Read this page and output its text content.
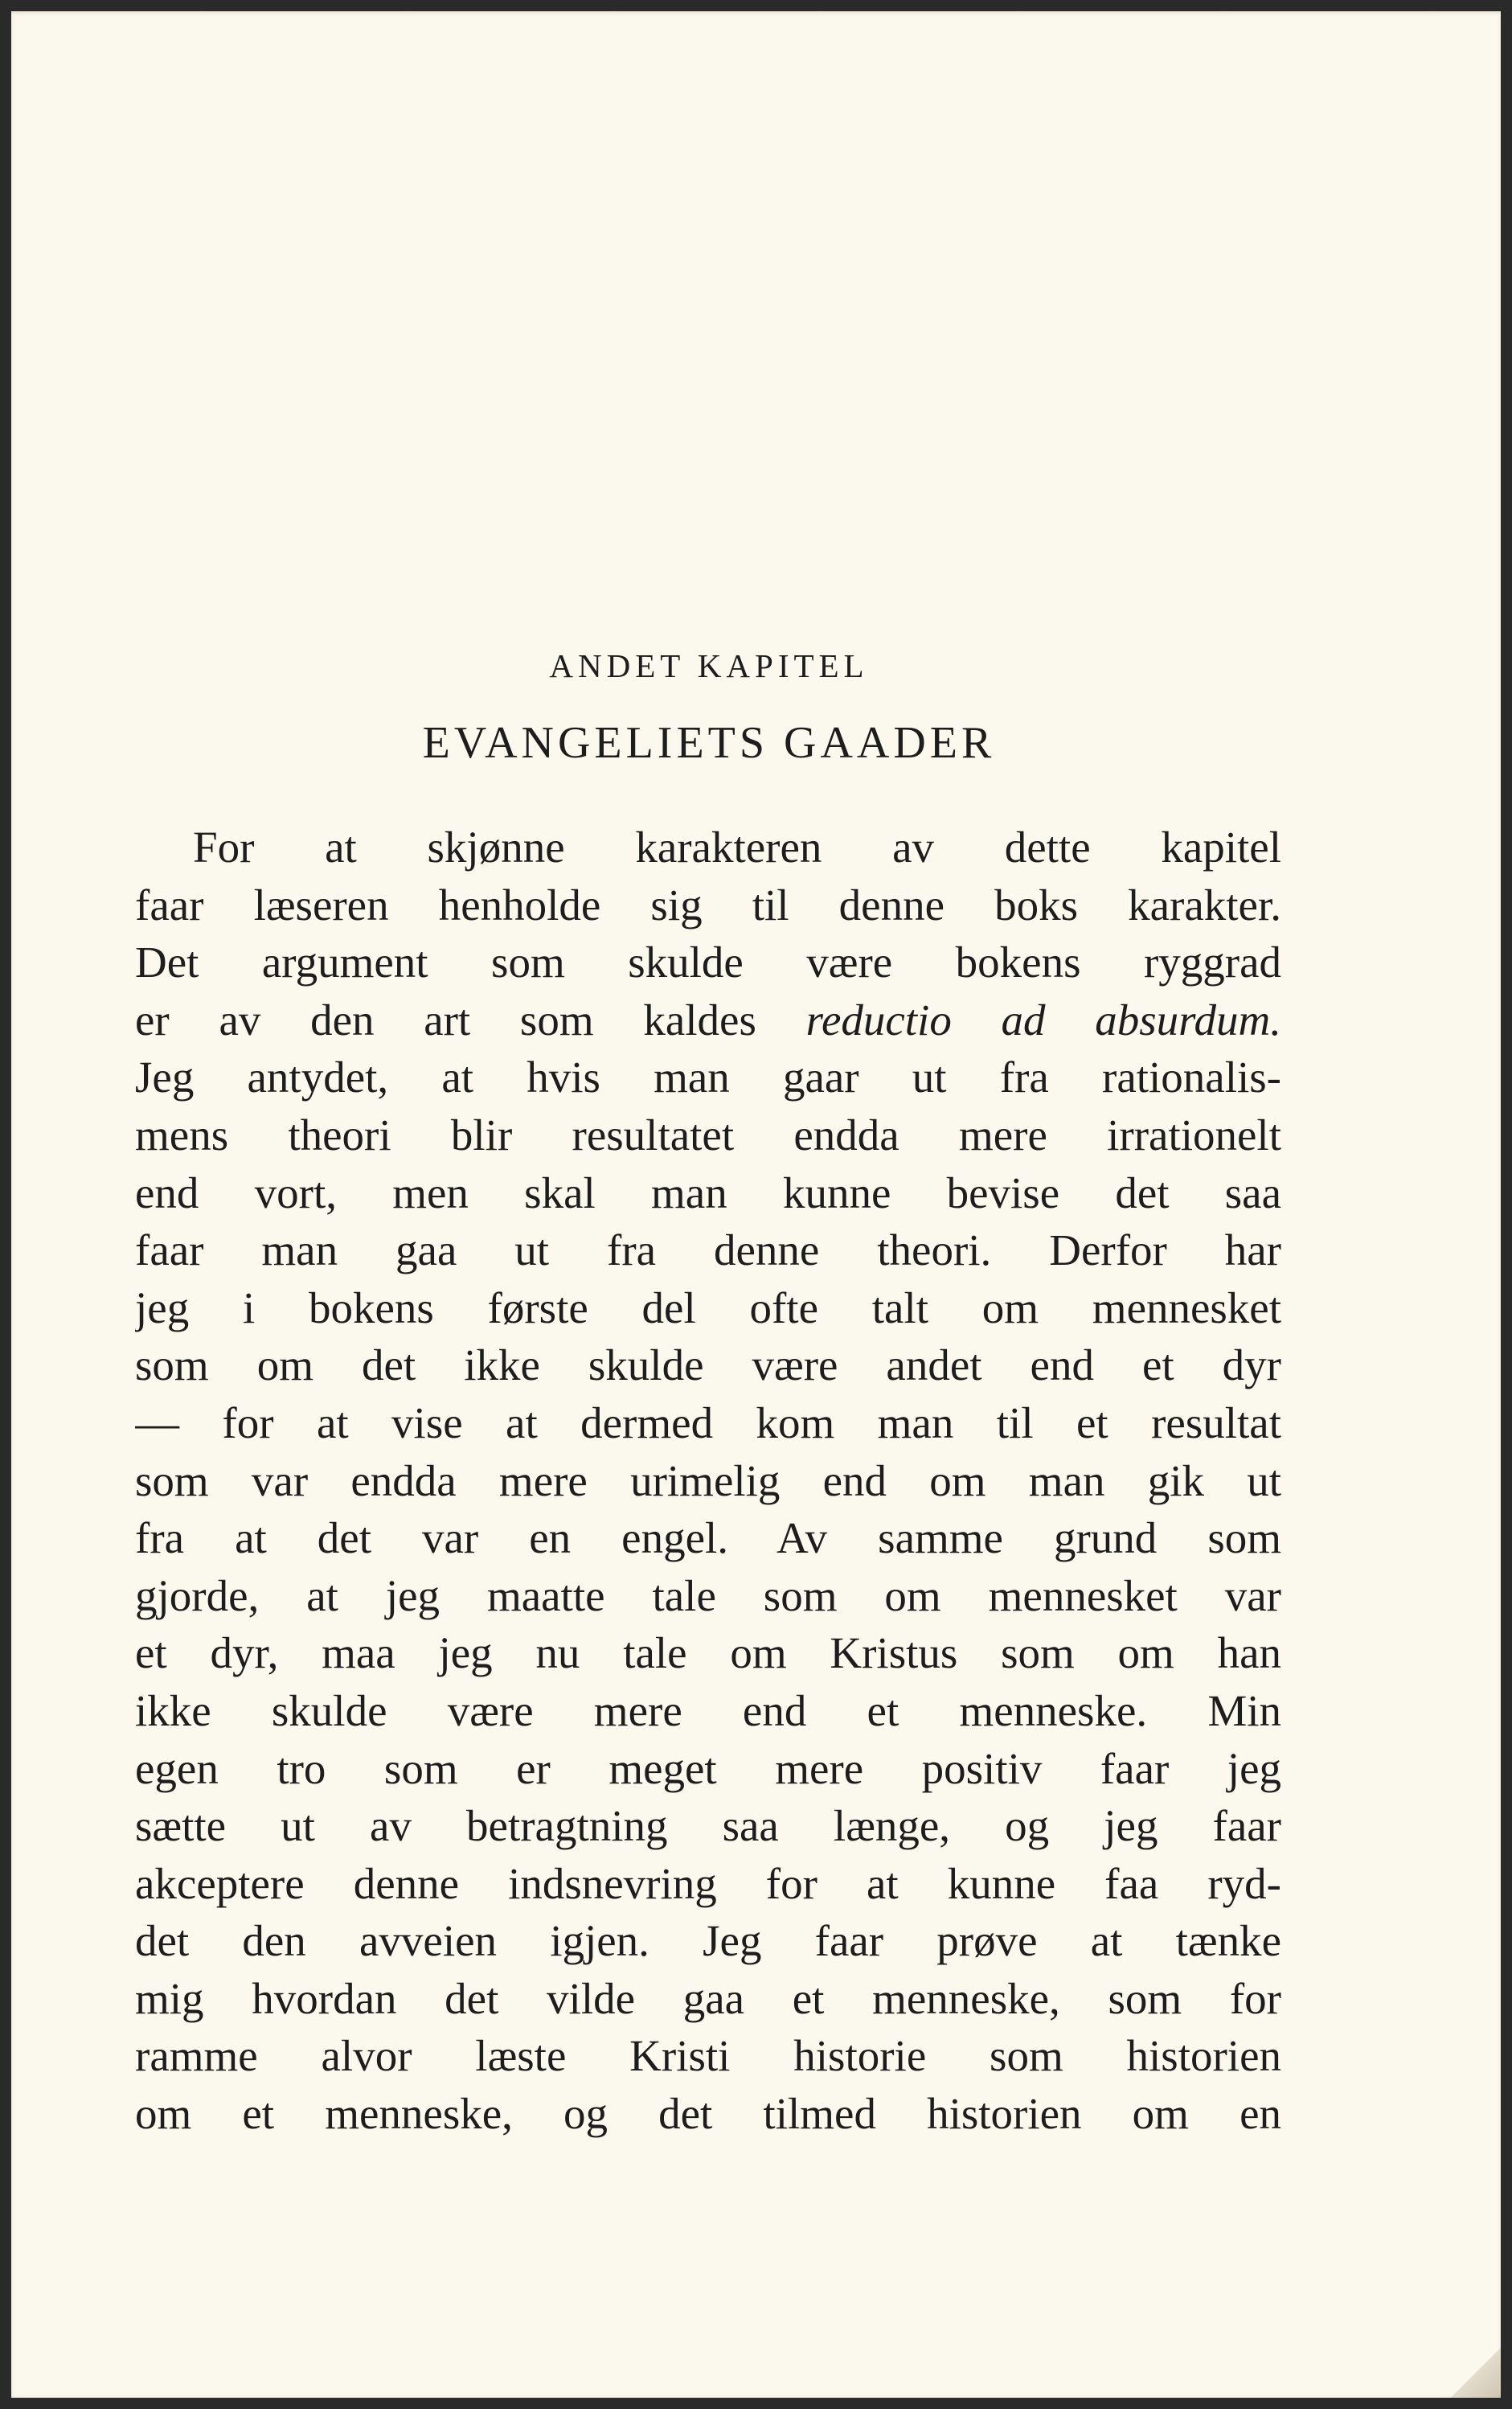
ANDET KAPITEL
EVANGELIETS GAADER
For at skjønne karakteren av dette kapitel
faar læseren henholde sig til denne boks karakter.
Det argument som skulde være bokens ryggrad
er av den art som kaldes reductio ad absurdum.
Jeg antydet, at hvis man gaar ut fra rationalis-
mens theori blir resultatet endda mere irrationelt
end vort, men skal man kunne bevise det saa
faar man gaa ut fra denne theori. Derfor har
jeg i bokens første del ofte talt om mennesket
som om det ikke skulde være andet end et dyr
— for at vise at dermed kom man til et resultat
som var endda mere urimelig end om man gik ut
fra at det var en engel. Av samme grund som
gjorde, at jeg maatte tale som om mennesket var
et dyr, maa jeg nu tale om Kristus som om han
ikke skulde være mere end et menneske. Min
egen tro som er meget mere positiv faar jeg
sætte ut av betragtning saa længe, og jeg faar
akceptere denne indsnevring for at kunne faa ryd-
det den avveien igjen. Jeg faar prøve at tænke
mig hvordan det vilde gaa et menneske, som for
ramme alvor læste Kristi historie som historien
om et menneske, og det tilmed historien om en
